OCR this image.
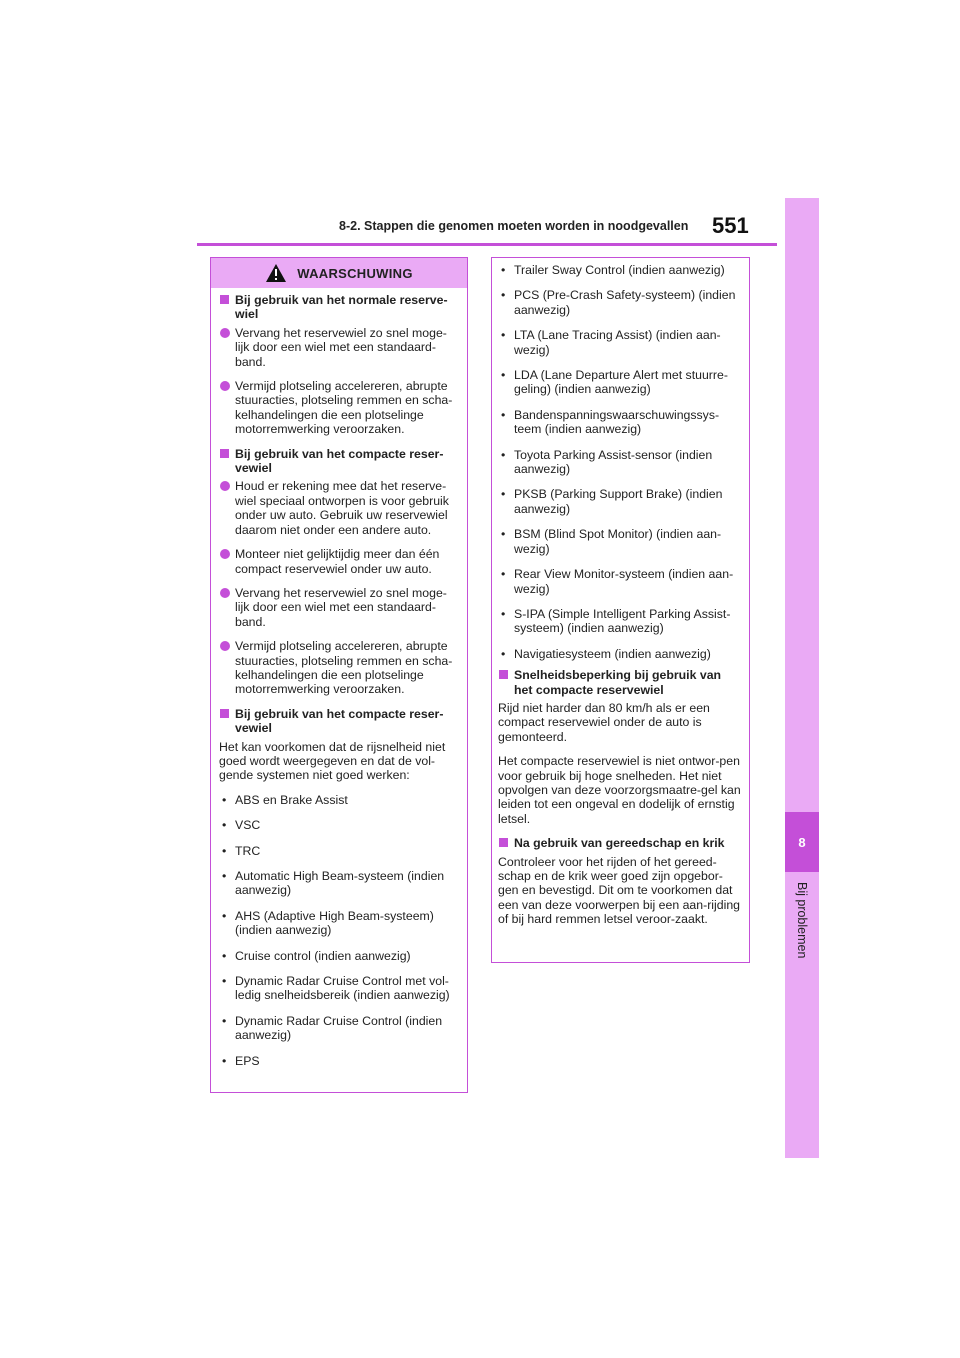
8-2. Stappen die genomen moeten worden in noodgevallen 551
8
Bij problemen
WAARSCHUWING
Bij gebruik van het normale reserve-wiel
Vervang het reservewiel zo snel moge-lijk door een wiel met een standaard-band.
Vermijd plotseling accelereren, abrupte stuuracties, plotseling remmen en scha-kelhandelingen die een plotselinge motorremwerking veroorzaken.
Bij gebruik van het compacte reser-vewiel
Houd er rekening mee dat het reserve-wiel speciaal ontworpen is voor gebruik onder uw auto. Gebruik uw reservewiel daarom niet onder een andere auto.
Monteer niet gelijktijdig meer dan één compact reservewiel onder uw auto.
Vervang het reservewiel zo snel moge-lijk door een wiel met een standaard-band.
Vermijd plotseling accelereren, abrupte stuuracties, plotseling remmen en scha-kelhandelingen die een plotselinge motorremwerking veroorzaken.
Bij gebruik van het compacte reser-vewiel
Het kan voorkomen dat de rijsnelheid niet goed wordt weergegeven en dat de vol-gende systemen niet goed werken:
• ABS en Brake Assist
• VSC
• TRC
• Automatic High Beam-systeem (indien aanwezig)
• AHS (Adaptive High Beam-systeem) (indien aanwezig)
• Cruise control (indien aanwezig)
• Dynamic Radar Cruise Control met vol-ledig snelheidsbereik (indien aanwezig)
• Dynamic Radar Cruise Control (indien aanwezig)
• EPS
• Trailer Sway Control (indien aanwezig)
• PCS (Pre-Crash Safety-systeem) (indien aanwezig)
• LTA (Lane Tracing Assist) (indien aan-wezig)
• LDA (Lane Departure Alert met stuurre-geling) (indien aanwezig)
• Bandenspanningswaarschuwingssys-teem (indien aanwezig)
• Toyota Parking Assist-sensor (indien aanwezig)
• PKSB (Parking Support Brake) (indien aanwezig)
• BSM (Blind Spot Monitor) (indien aan-wezig)
• Rear View Monitor-systeem (indien aan-wezig)
• S-IPA (Simple Intelligent Parking Assist-systeem) (indien aanwezig)
• Navigatiesysteem (indien aanwezig)
Snelheidsbeperking bij gebruik van het compacte reservewiel
Rijd niet harder dan 80 km/h als er een compact reservewiel onder de auto is gemonteerd.
Het compacte reservewiel is niet ontwor-pen voor gebruik bij hoge snelheden. Het niet opvolgen van deze voorzorgsmaatre-gel kan leiden tot een ongeval en dodelijk of ernstig letsel.
Na gebruik van gereedschap en krik
Controleer voor het rijden of het gereed-schap en de krik weer goed zijn opgebor-gen en bevestigd. Dit om te voorkomen dat een van deze voorwerpen bij een aan-rijding of bij hard remmen letsel veroor-zaakt.
